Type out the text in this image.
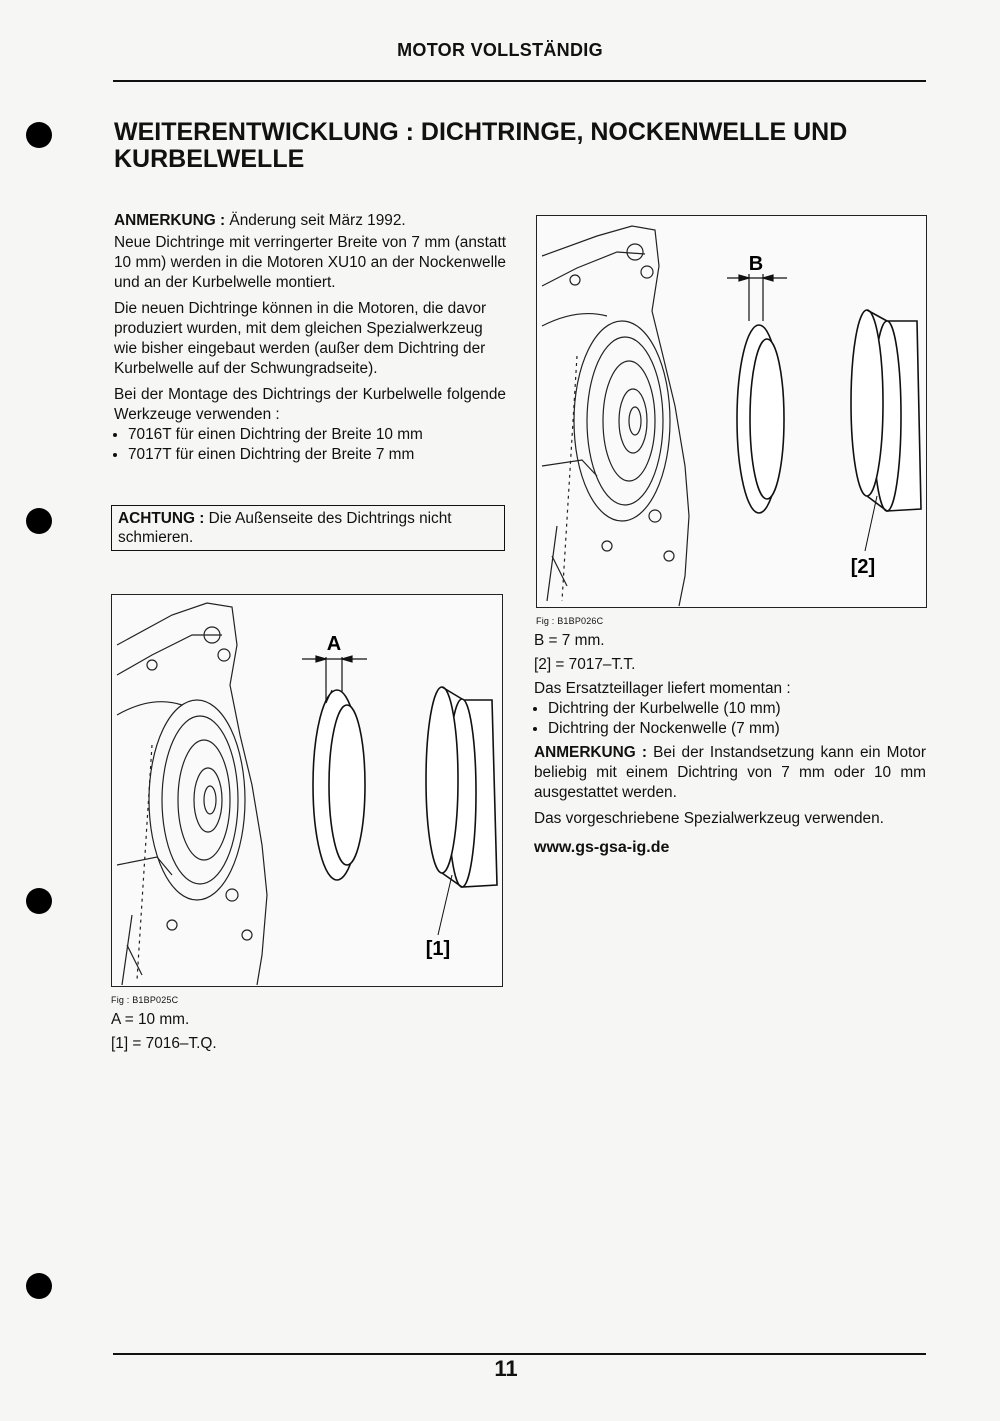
MOTOR VOLLSTÄNDIG
WEITERENTWICKLUNG : DICHTRINGE, NOCKENWELLE UND KURBELWELLE

ANMERKUNG : Änderung seit März 1992.

Neue Dichtringe mit verringerter Breite von 7 mm (anstatt 10 mm) werden in die Motoren XU10 an der Nockenwelle und an der Kurbelwelle montiert.

Die neuen Dichtringe können in die Motoren, die davor produziert wurden, mit dem gleichen Spezialwerkzeug wie bisher eingebaut werden (außer dem Dichtring der Kurbelwelle auf der Schwungradseite).

Bei der Montage des Dichtrings der Kurbelwelle folgende Werkzeuge verwenden :

• 7016T für einen Dichtring der Breite 10 mm
• 7017T für einen Dichtring der Breite 7 mm
ACHTUNG : Die Außenseite des Dichtrings nicht schmieren.
A
[1]
Fig : B1BP025C
A = 10 mm.
[1] = 7016–T.Q.
B
[2]
Fig : B1BP026C
B = 7 mm.
[2] = 7017–T.T.

Das Ersatzteillager liefert momentan :

• Dichtring der Kurbelwelle (10 mm)
• Dichtring der Nockenwelle (7 mm)

ANMERKUNG : Bei der Instandsetzung kann ein Motor beliebig mit einem Dichtring von 7 mm oder 10 mm ausgestattet werden.

Das vorgeschriebene Spezialwerkzeug verwenden.

www.gs-gsa-ig.de
11
